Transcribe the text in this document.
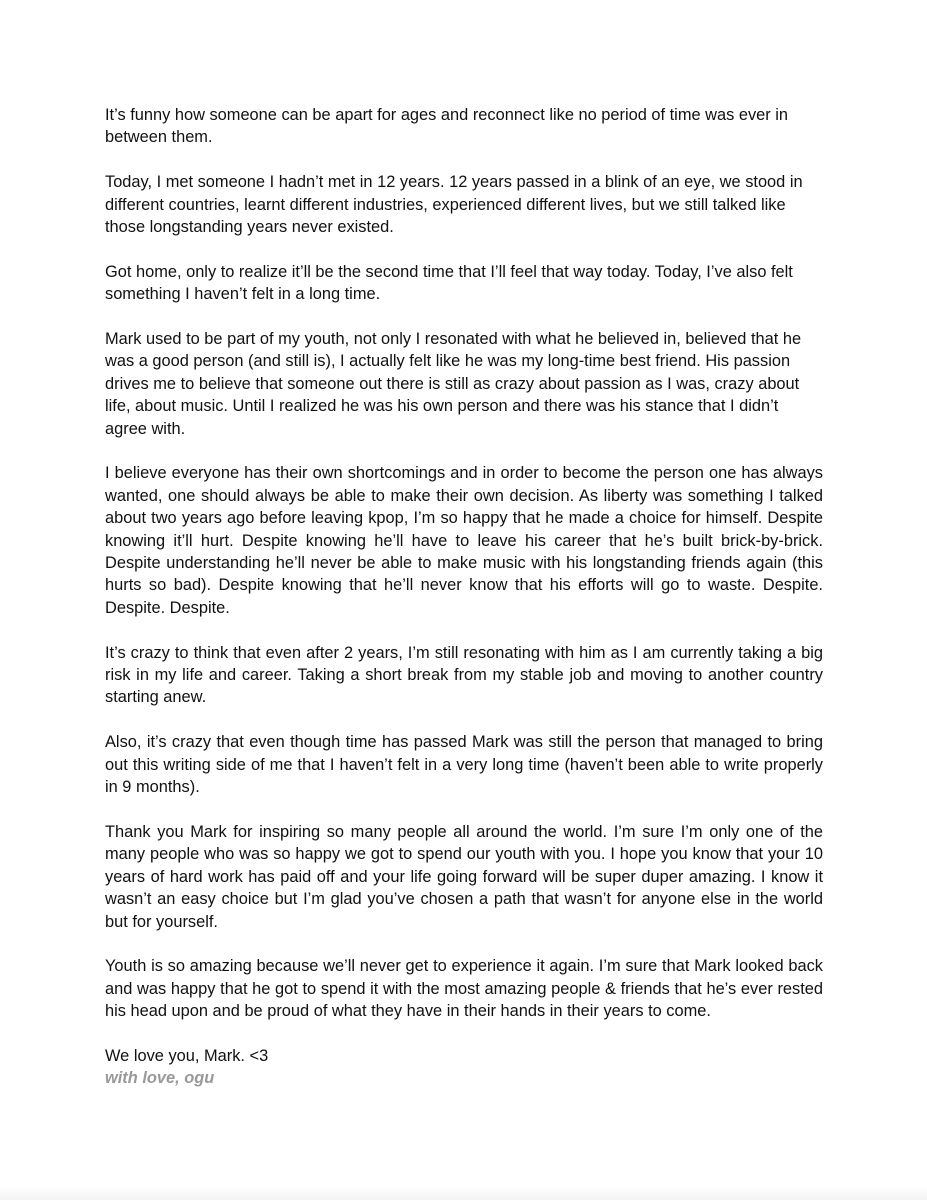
It’s funny how someone can be apart for ages and reconnect like no period of time was ever in between them.

Today, I met someone I hadn’t met in 12 years. 12 years passed in a blink of an eye, we stood in different countries, learnt different industries, experienced different lives, but we still talked like those longstanding years never existed.

Got home, only to realize it’ll be the second time that I’ll feel that way today. Today, I’ve also felt something I haven’t felt in a long time.

Mark used to be part of my youth, not only I resonated with what he believed in, believed that he was a good person (and still is), I actually felt like he was my long-time best friend. His passion drives me to believe that someone out there is still as crazy about passion as I was, crazy about life, about music. Until I realized he was his own person and there was his stance that I didn’t agree with.

I believe everyone has their own shortcomings and in order to become the person one has always wanted, one should always be able to make their own decision. As liberty was something I talked about two years ago before leaving kpop, I’m so happy that he made a choice for himself. Despite knowing it’ll hurt. Despite knowing he’ll have to leave his career that he’s built brick-by-brick. Despite understanding he’ll never be able to make music with his longstanding friends again (this hurts so bad). Despite knowing that he’ll never know that his efforts will go to waste. Despite. Despite. Despite.

It’s crazy to think that even after 2 years, I’m still resonating with him as I am currently taking a big risk in my life and career. Taking a short break from my stable job and moving to another country starting anew.

Also, it’s crazy that even though time has passed Mark was still the person that managed to bring out this writing side of me that I haven’t felt in a very long time (haven’t been able to write properly in 9 months).

Thank you Mark for inspiring so many people all around the world. I’m sure I’m only one of the many people who was so happy we got to spend our youth with you. I hope you know that your 10 years of hard work has paid off and your life going forward will be super duper amazing. I know it wasn’t an easy choice but I’m glad you’ve chosen a path that wasn’t for anyone else in the world but for yourself.

Youth is so amazing because we’ll never get to experience it again. I’m sure that Mark looked back and was happy that he got to spend it with the most amazing people & friends that he’s ever rested his head upon and be proud of what they have in their hands in their years to come.

We love you, Mark. <3

with love, ogu
